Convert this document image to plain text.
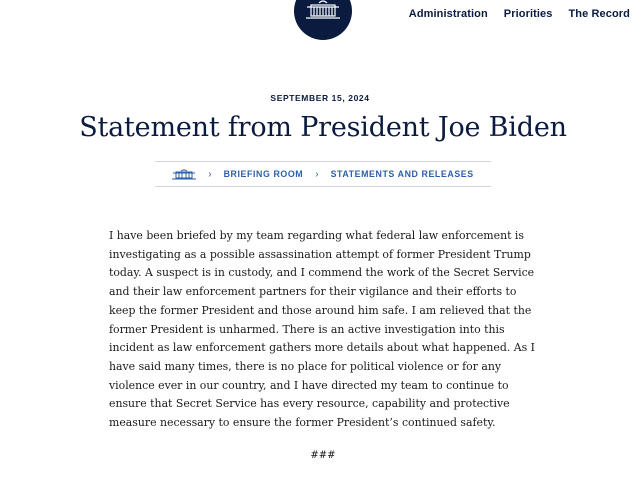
Administration Priorities The Record
SEPTEMBER 15, 2024
Statement from President Joe Biden
› BRIEFING ROOM › STATEMENTS AND RELEASES

I have been briefed by my team regarding what federal law enforcement is investigating as a possible assassination attempt of former President Trump today. A suspect is in custody, and I commend the work of the Secret Service and their law enforcement partners for their vigilance and their efforts to keep the former President and those around him safe. I am relieved that the former President is unharmed. There is an active investigation into this incident as law enforcement gathers more details about what happened. As I have said many times, there is no place for political violence or for any violence ever in our country, and I have directed my team to continue to ensure that Secret Service has every resource, capability and protective measure necessary to ensure the former President’s continued safety.

###
